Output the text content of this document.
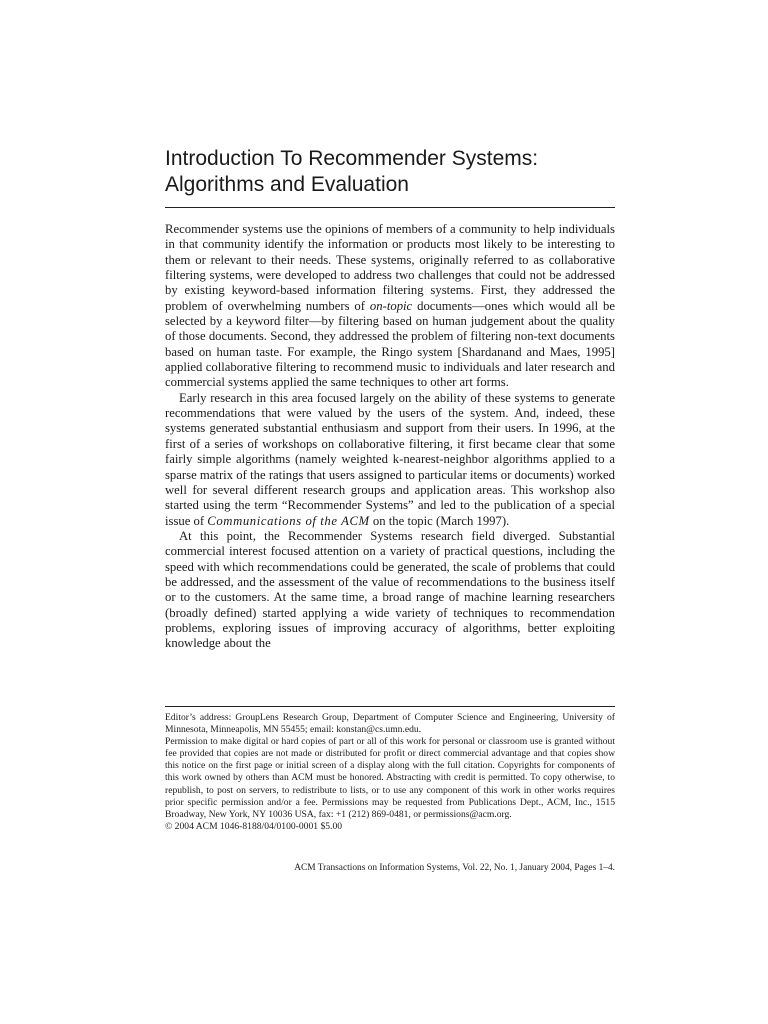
Introduction To Recommender Systems:
Algorithms and Evaluation

Recommender systems use the opinions of members of a community to help individuals in that community identify the information or products most likely to be interesting to them or relevant to their needs. These systems, originally referred to as collaborative filtering systems, were developed to address two challenges that could not be addressed by existing keyword-based information filtering systems. First, they addressed the problem of overwhelming numbers of on-topic documents—ones which would all be selected by a keyword filter—by filtering based on human judgement about the quality of those documents. Second, they addressed the problem of filtering non-text documents based on human taste. For example, the Ringo system [Shardanand and Maes, 1995] applied collaborative filtering to recommend music to individuals and later research and commercial systems applied the same techniques to other art forms.

Early research in this area focused largely on the ability of these systems to generate recommendations that were valued by the users of the system. And, indeed, these systems generated substantial enthusiasm and support from their users. In 1996, at the first of a series of workshops on collaborative filtering, it first became clear that some fairly simple algorithms (namely weighted k-nearest-neighbor algorithms applied to a sparse matrix of the ratings that users assigned to particular items or documents) worked well for several different research groups and application areas. This workshop also started using the term “Recommender Systems” and led to the publication of a special issue of Communications of the ACM on the topic (March 1997).

At this point, the Recommender Systems research field diverged. Substantial commercial interest focused attention on a variety of practical questions, including the speed with which recommendations could be generated, the scale of problems that could be addressed, and the assessment of the value of recommendations to the business itself or to the customers. At the same time, a broad range of machine learning researchers (broadly defined) started applying a wide variety of techniques to recommendation problems, exploring issues of improving accuracy of algorithms, better exploiting knowledge about the

Editor’s address: GroupLens Research Group, Department of Computer Science and Engineering, University of Minnesota, Minneapolis, MN 55455; email: konstan@cs.umn.edu.
Permission to make digital or hard copies of part or all of this work for personal or classroom use is granted without fee provided that copies are not made or distributed for profit or direct commercial advantage and that copies show this notice on the first page or initial screen of a display along with the full citation. Copyrights for components of this work owned by others than ACM must be honored. Abstracting with credit is permitted. To copy otherwise, to republish, to post on servers, to redistribute to lists, or to use any component of this work in other works requires prior specific permission and/or a fee. Permissions may be requested from Publications Dept., ACM, Inc., 1515 Broadway, New York, NY 10036 USA, fax: +1 (212) 869-0481, or permissions@acm.org.
© 2004 ACM 1046-8188/04/0100-0001 $5.00
ACM Transactions on Information Systems, Vol. 22, No. 1, January 2004, Pages 1–4.
